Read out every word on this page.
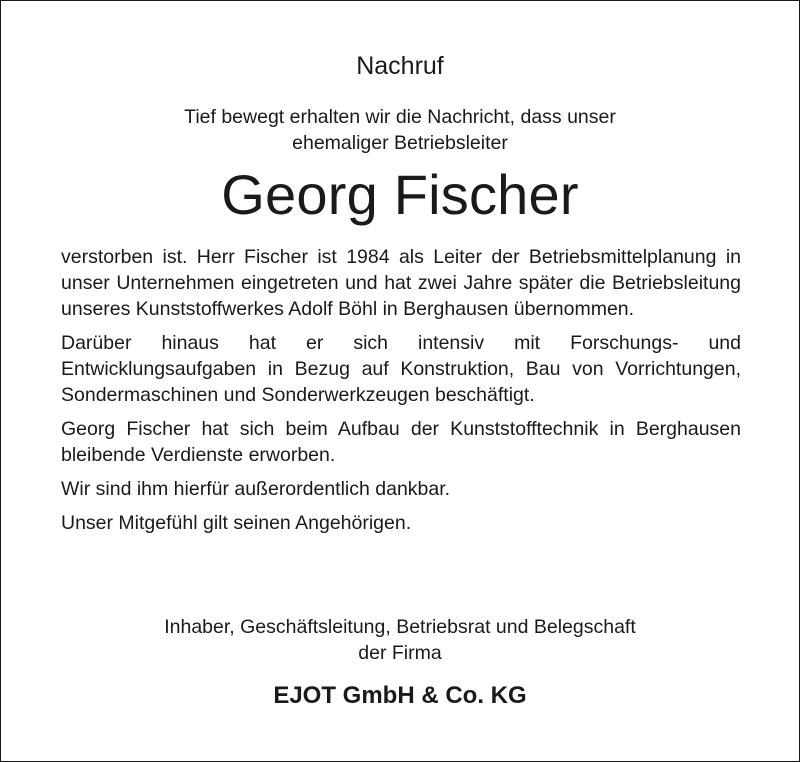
Nachruf
Tief bewegt erhalten wir die Nachricht, dass unser
ehemaliger Betriebsleiter
Georg Fischer

verstorben ist. Herr Fischer ist 1984 als Leiter der Betriebsmittelplanung in unser Unternehmen eingetreten und hat zwei Jahre später die Betriebsleitung unseres Kunststoffwerkes Adolf Böhl in Berghausen übernommen.

Darüber hinaus hat er sich intensiv mit Forschungs- und Entwicklungsaufgaben in Bezug auf Konstruktion, Bau von Vorrichtungen, Sondermaschinen und Sonderwerkzeugen beschäftigt.

Georg Fischer hat sich beim Aufbau der Kunststofftechnik in Berghausen bleibende Verdienste erworben.

Wir sind ihm hierfür außerordentlich dankbar.

Unser Mitgefühl gilt seinen Angehörigen.

Inhaber, Geschäftsleitung, Betriebsrat und Belegschaft
der Firma
EJOT GmbH & Co. KG
